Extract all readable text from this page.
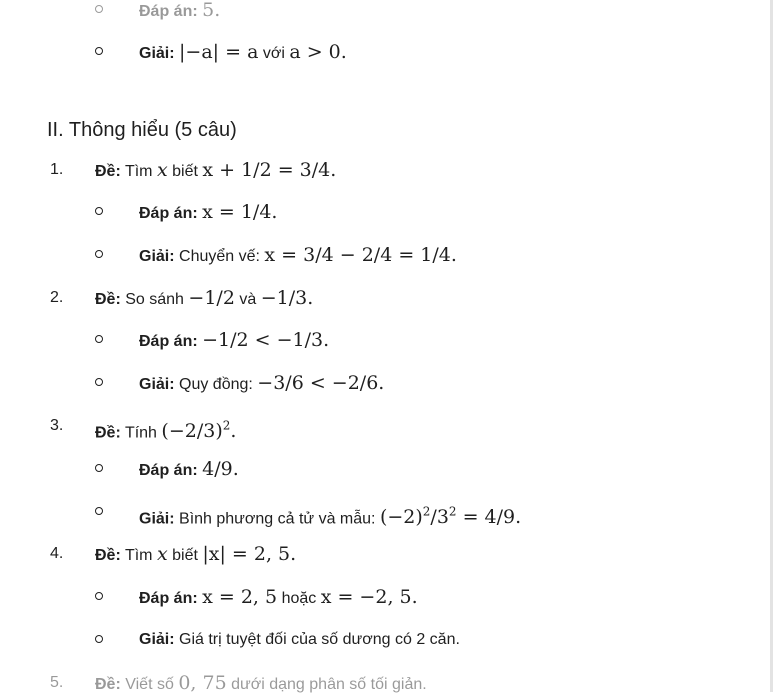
Đáp án: 5.
Giải: |−a| = a với a > 0.
II. Thông hiểu (5 câu)
1. Đề: Tìm x biết x + 1/2 = 3/4.
Đáp án: x = 1/4.
Giải: Chuyển vế: x = 3/4 − 2/4 = 1/4.
2. Đề: So sánh −1/2 và −1/3.
Đáp án: −1/2 < −1/3.
Giải: Quy đồng: −3/6 < −2/6.
3. Đề: Tính $(-2/3)^2$.
Đáp án: 4/9.
Giải: Bình phương cả tử và mẫu: $(-2)^2/3^2 = 4/9$.
4. Đề: Tìm x biết |x| = 2, 5.
Đáp án: x = 2, 5 hoặc x = −2, 5.
Giải: Giá trị tuyệt đối của số dương có 2 căn.
5. Đề: Viết số 0, 75 dưới dạng phân số tối giản.
